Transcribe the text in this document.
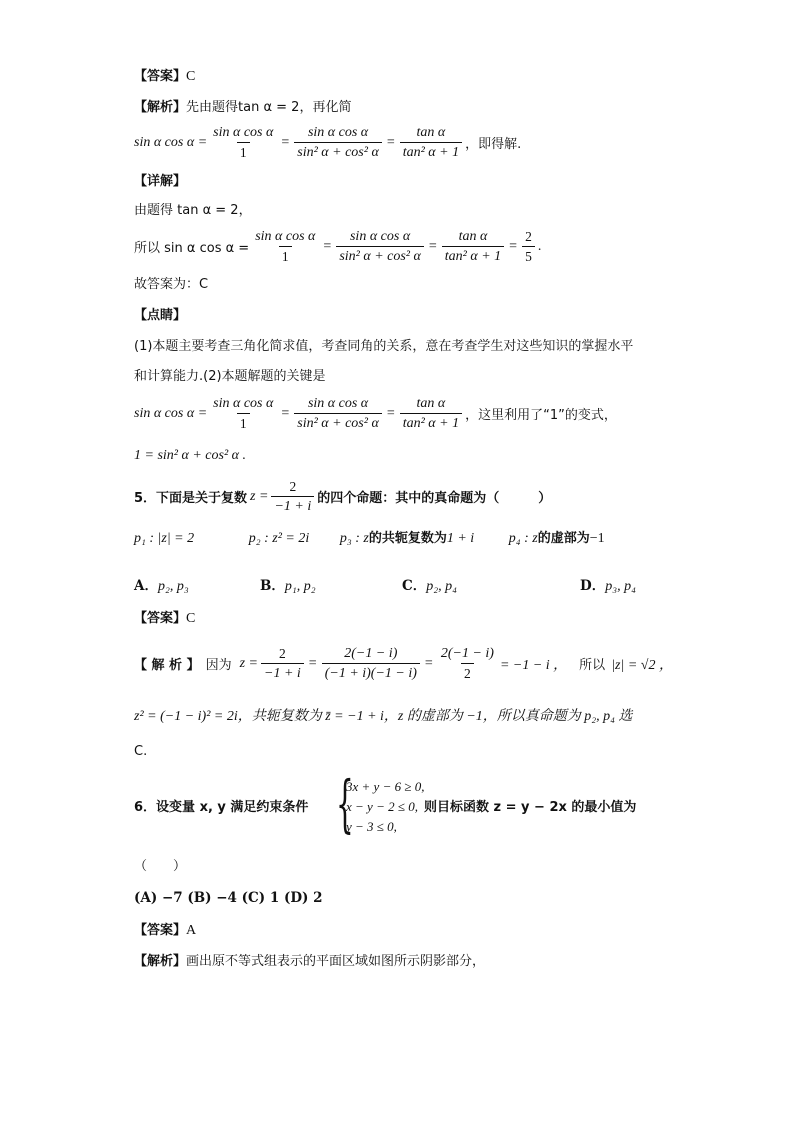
【答案】C
【解析】先由题得tan α = 2，再化简
sin α $\cos \alpha = \frac{\text{sin α cos α}}{1} = \frac{\text{sin α cos α}}{\text{sin² α + cos² α}} = \frac{\text{tan α}}{\text{tan² α + 1}}$ ，即得解.
【详解】
由题得 tan α = 2，
所以 sin α $\cos \alpha = \frac{\text{sin α cos α}}{1} = \frac{\text{sin α cos α}}{\text{sin² α + cos² α}} = \frac{\text{tan α}}{\text{tan² α + 1}} = \frac{2}{5}$ .
故答案为：C
【点睛】
(1)本题主要考查三角化简求值，考查同角的关系，意在考查学生对这些知识的掌握水平
和计算能力.(2)本题解题的关键是
sin α $\cos \alpha = \frac{\text{sin α cos α}}{1} = \frac{\text{sin α cos α}}{\text{sin² α + cos² α}} = \frac{\text{tan α}}{\text{tan² α + 1}}$ ，这里利用了“1”的变式，
1 = sin² α + cos² α .
5．下面是关于复数 $z = \frac{2}{-1 + i}$ 的四个命题：其中的真命题为（　　　）
p₁ : |z| = 2	p₂ : z² = 2i p₃ : z的共轭复数为1 + i p₄ : z的虚部为−1
A．p₂, p₃	B．p₁, p₂	C．p₂, p₄	D．p₃, p₄
【答案】C
【 解 析 】 因为 $z = \frac{2}{-1 + i} = \frac{2(-1 - i)}{(-1 + i)(-1 - i)} = \frac{2(-1 - i)}{2} = -1 - i$ ， 所以 |z| = √2 ，
z² = (−1 − i)² = 2i，共轭复数为 z̄ = −1 + i，z 的虚部为 −1，所以真命题为 p₂, p₄ 选
C.
6．设变量 x, y 满足约束条件 {
3x + y − 6 ≥ 0,
x − y − 2 ≤ 0,
y − 3 ≤ 0,
则目标函数 z = y − 2x 的最小值为
（　　）
(A) −7 (B) −4 (C) 1 (D) 2
【答案】A
【解析】画出原不等式组表示的平面区域如图所示阴影部分，
